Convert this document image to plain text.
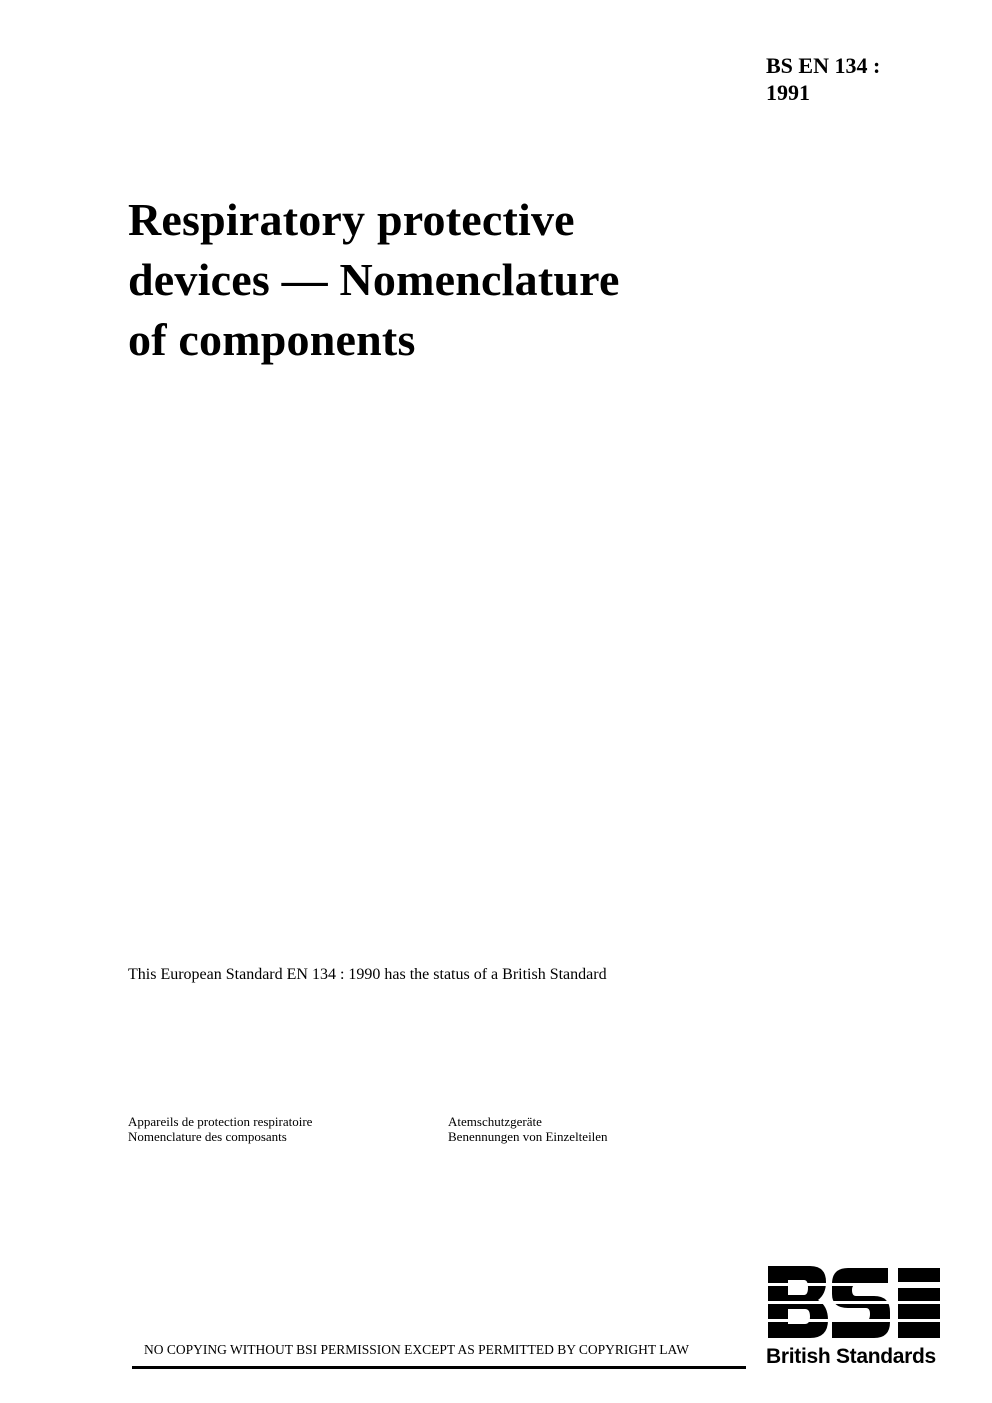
BS EN 134 :
1991
Respiratory protective
devices — Nomenclature
of components
This European Standard EN 134 : 1990 has the status of a British Standard
Appareils de protection respiratoire
Nomenclature des composants
Atemschutzgeräte
Benennungen von Einzelteilen
NO COPYING WITHOUT BSI PERMISSION EXCEPT AS PERMITTED BY COPYRIGHT LAW	British Standards
